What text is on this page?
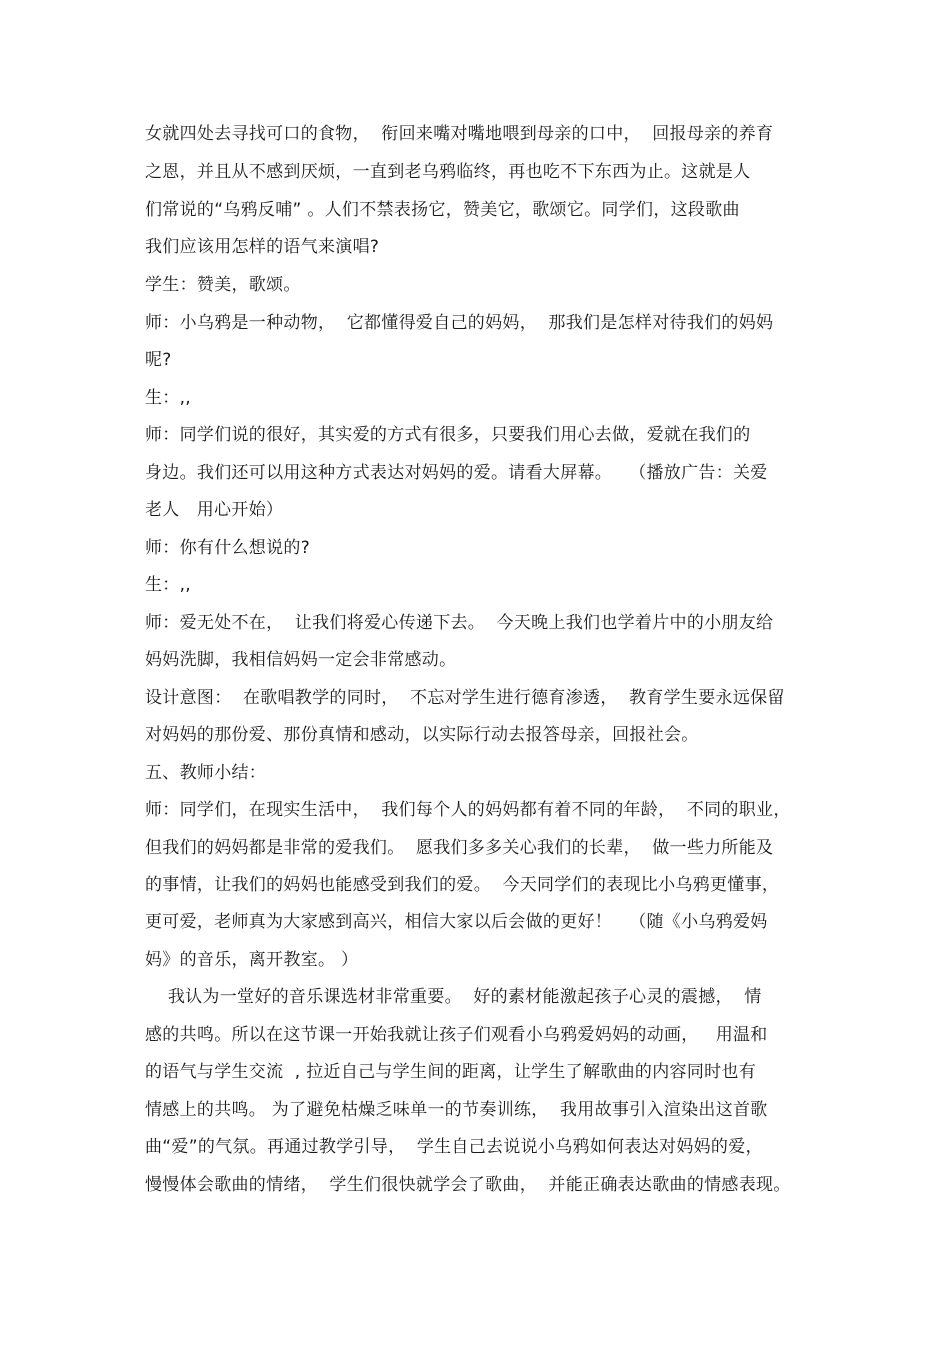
女就四处去寻找可口的食物，  衔回来嘴对嘴地喂到母亲的口中，  回报母亲的养育
之恩，并且从不感到厌烦，一直到老乌鸦临终，再也吃不下东西为止。这就是人
们常说的“乌鸦反哺” 。人们不禁表扬它，赞美它，歌颂它。同学们，这段歌曲
我们应该用怎样的语气来演唱?
学生：赞美，歌颂。
师：小乌鸦是一种动物，  它都懂得爱自己的妈妈，  那我们是怎样对待我们的妈妈
呢?
生：,,
师：同学们说的很好，其实爱的方式有很多，只要我们用心去做，爱就在我们的
身边。我们还可以用这种方式表达对妈妈的爱。请看大屏幕。   （播放广告：关爱
老人   用心开始）
师：你有什么想说的?
生：,,
师：爱无处不在，  让我们将爱心传递下去。  今天晚上我们也学着片中的小朋友给
妈妈洗脚，我相信妈妈一定会非常感动。
设计意图：  在歌唱教学的同时，  不忘对学生进行德育渗透，  教育学生要永远保留
对妈妈的那份爱、那份真情和感动，以实际行动去报答母亲，回报社会。
五、教师小结：
师：同学们，在现实生活中，  我们每个人的妈妈都有着不同的年龄，  不同的职业，
但我们的妈妈都是非常的爱我们。  愿我们多多关心我们的长辈，  做一些力所能及
的事情，让我们的妈妈也能感受到我们的爱。  今天同学们的表现比小乌鸦更懂事，
更可爱，老师真为大家感到高兴，相信大家以后会做的更好！   （随《小乌鸦爱妈
妈》的音乐，离开教室。 ）
我认为一堂好的音乐课选材非常重要。  好的素材能激起孩子心灵的震撼，  情
感的共鸣。所以在这节课一开始我就让孩子们观看小乌鸦爱妈妈的动画，   用温和
的语气与学生交流  , 拉近自己与学生间的距离，让学生了解歌曲的内容同时也有
情感上的共鸣。 为了避免枯燥乏味单一的节奏训练，  我用故事引入渲染出这首歌
曲“爱”的气氛。再通过教学引导，  学生自己去说说小乌鸦如何表达对妈妈的爱，
慢慢体会歌曲的情绪，  学生们很快就学会了歌曲，  并能正确表达歌曲的情感表现。
